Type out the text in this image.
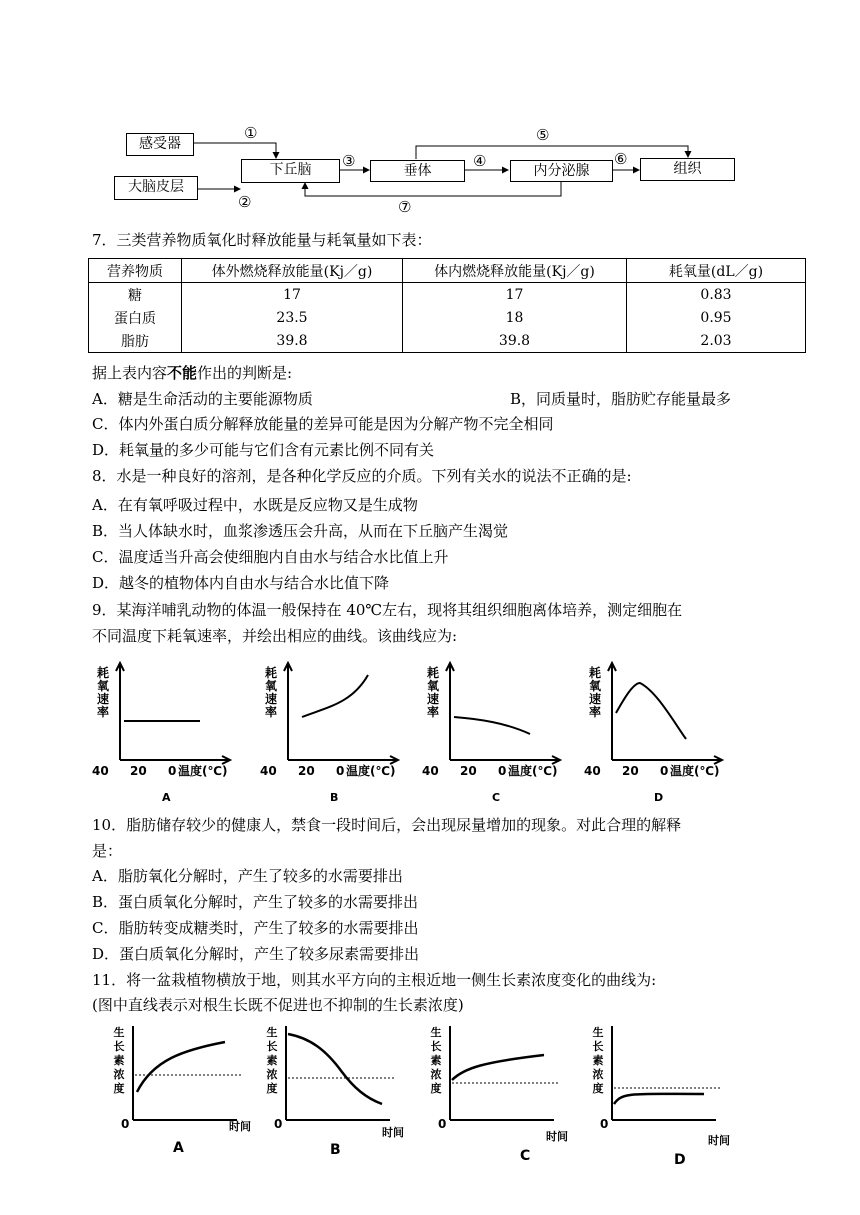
感受器
大脑皮层
下丘脑	垂体	内分泌腺	组织
①
②
③	④
⑤
⑥
⑦
7．三类营养物质氧化时释放能量与耗氧量如下表：
营养物质	体外燃烧释放能量(Kj／g)	体内燃烧释放能量(Kj／g)	耗氧量(dL／g)
糖	17	17	0.83
蛋白质	23.5	18	0.95
脂肪	39.8	39.8	2.03
据上表内容不能作出的判断是:
A．糖是生命活动的主要能源物质	B，同质量时，脂肪贮存能量最多
C．体内外蛋白质分解释放能量的差异可能是因为分解产物不完全相同
D．耗氧量的多少可能与它们含有元素比例不同有关
8．水是一种良好的溶剂，是各种化学反应的介质。下列有关水的说法不正确的是:
A．在有氧呼吸过程中，水既是反应物又是生成物
B．当人体缺水时，血浆渗透压会升高，从而在下丘脑产生渴觉
C．温度适当升高会使细胞内自由水与结合水比值上升
D．越冬的植物体内自由水与结合水比值下降
9．某海洋哺乳动物的体温一般保持在 40℃左右，现将其组织细胞离体培养，测定细胞在
不同温度下耗氧速率，并绘出相应的曲线。该曲线应为:
耗
氧
速
率
40 20 0 温度(℃)
A
耗
氧
速
率
40 20 0 温度(℃)
B
耗
氧
速
率
40 20 0 温度(℃)
C
耗
氧
速
率
40 20 0 温度(℃)
D
10．脂肪储存较少的健康人，禁食一段时间后，会出现尿量增加的现象。对此合理的解释
是：
A．脂肪氧化分解时，产生了较多的水需要排出
B．蛋白质氧化分解时，产生了较多的水需要排出
C．脂肪转变成糖类时，产生了较多的水需要排出
D．蛋白质氧化分解时，产生了较多尿素需要排出
11．将一盆栽植物横放于地，则其水平方向的主根近地一侧生长素浓度变化的曲线为:
(图中直线表示对根生长既不促进也不抑制的生长素浓度)
生
长
素
浓
度
0	时间
A
生
长
素
浓
度
0
时间
B
生
长
素
浓
度
0
时间
C
生
长
素
浓
度
0
时间
D
